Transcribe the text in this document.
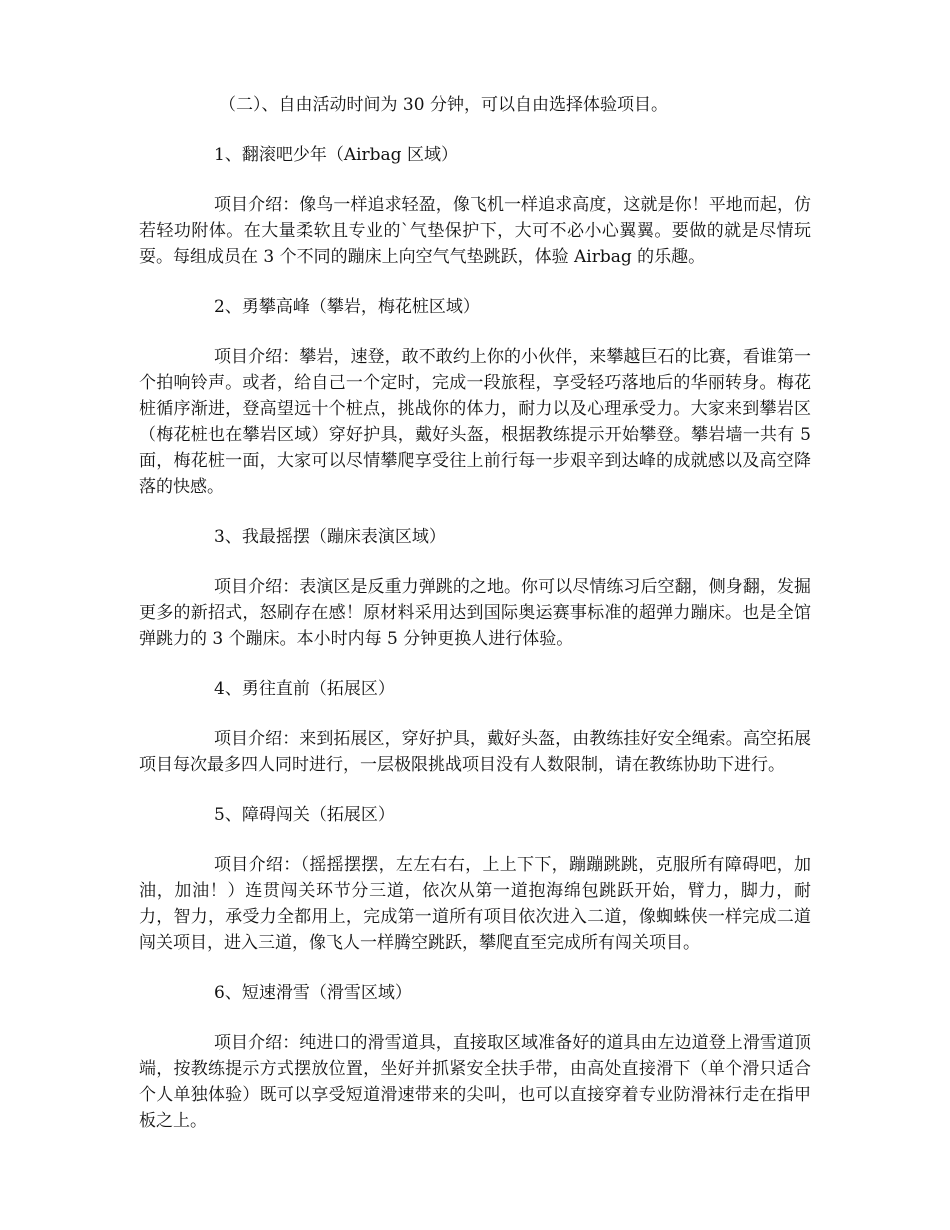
（二）、自由活动时间为 30 分钟，可以自由选择体验项目。

1、翻滚吧少年（Airbag 区域）

项目介绍：像鸟一样追求轻盈，像飞机一样追求高度，这就是你！平地而起，仿若轻功附体。在大量柔软且专业的`气垫保护下，大可不必小心翼翼。要做的就是尽情玩耍。每组成员在 3 个不同的蹦床上向空气气垫跳跃，体验 Airbag 的乐趣。

2、勇攀高峰（攀岩，梅花桩区域）

项目介绍：攀岩，速登，敢不敢约上你的小伙伴，来攀越巨石的比赛，看谁第一个拍响铃声。或者，给自己一个定时，完成一段旅程，享受轻巧落地后的华丽转身。梅花桩循序渐进，登高望远十个桩点，挑战你的体力，耐力以及心理承受力。大家来到攀岩区（梅花桩也在攀岩区域）穿好护具，戴好头盔，根据教练提示开始攀登。攀岩墙一共有 5 面，梅花桩一面，大家可以尽情攀爬享受往上前行每一步艰辛到达峰的成就感以及高空降落的快感。

3、我最摇摆（蹦床表演区域）

项目介绍：表演区是反重力弹跳的之地。你可以尽情练习后空翻，侧身翻，发掘更多的新招式，怒刷存在感！原材料采用达到国际奥运赛事标准的超弹力蹦床。也是全馆弹跳力的 3 个蹦床。本小时内每 5 分钟更换人进行体验。

4、勇往直前（拓展区）

项目介绍：来到拓展区，穿好护具，戴好头盔，由教练挂好安全绳索。高空拓展项目每次最多四人同时进行，一层极限挑战项目没有人数限制，请在教练协助下进行。

5、障碍闯关（拓展区）

项目介绍：（摇摇摆摆，左左右右，上上下下，蹦蹦跳跳，克服所有障碍吧，加油，加油！）连贯闯关环节分三道，依次从第一道抱海绵包跳跃开始，臂力，脚力，耐力，智力，承受力全都用上，完成第一道所有项目依次进入二道，像蜘蛛侠一样完成二道闯关项目，进入三道，像飞人一样腾空跳跃，攀爬直至完成所有闯关项目。

6、短速滑雪（滑雪区域）

项目介绍：纯进口的滑雪道具，直接取区域准备好的道具由左边道登上滑雪道顶端，按教练提示方式摆放位置，坐好并抓紧安全扶手带，由高处直接滑下（单个滑只适合个人单独体验）既可以享受短道滑速带来的尖叫，也可以直接穿着专业防滑袜行走在指甲板之上。
